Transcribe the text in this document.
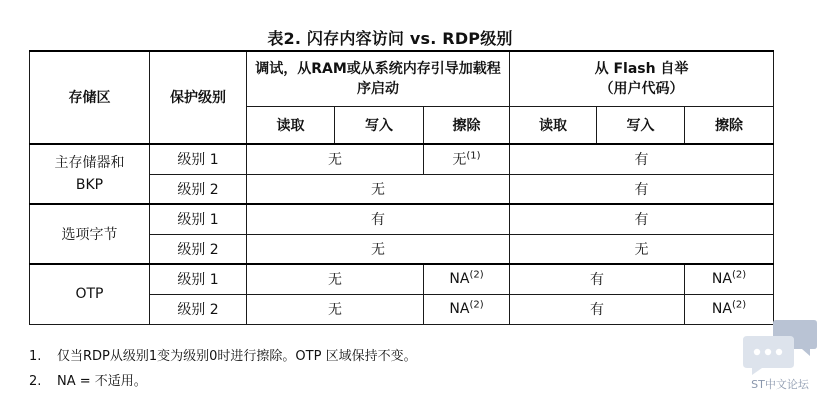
表2. 闪存内容访问 vs. RDP级别
存储区	保护级别	调试，从RAM或从系统内存引导加载程序启动			从 Flash 自举
（用户代码）		

		读取	写入	擦除	读取	写入	擦除

主存储器和BKP	级别 1	无		无$^{(1)}$	有		
	级别 2	无			有		
选项字节	级别 1	有			有		
	级别 2	无			无		
OTP	级别 1	无		NA$^{(2)}$	有		NA$^{(2)}$
	级别 2	无		NA$^{(2)}$	有		NA$^{(2)}$
1. 仅当RDP从级别1变为级别0时进行擦除。OTP 区域保持不变。
2. NA = 不适用。	ST中文论坛
